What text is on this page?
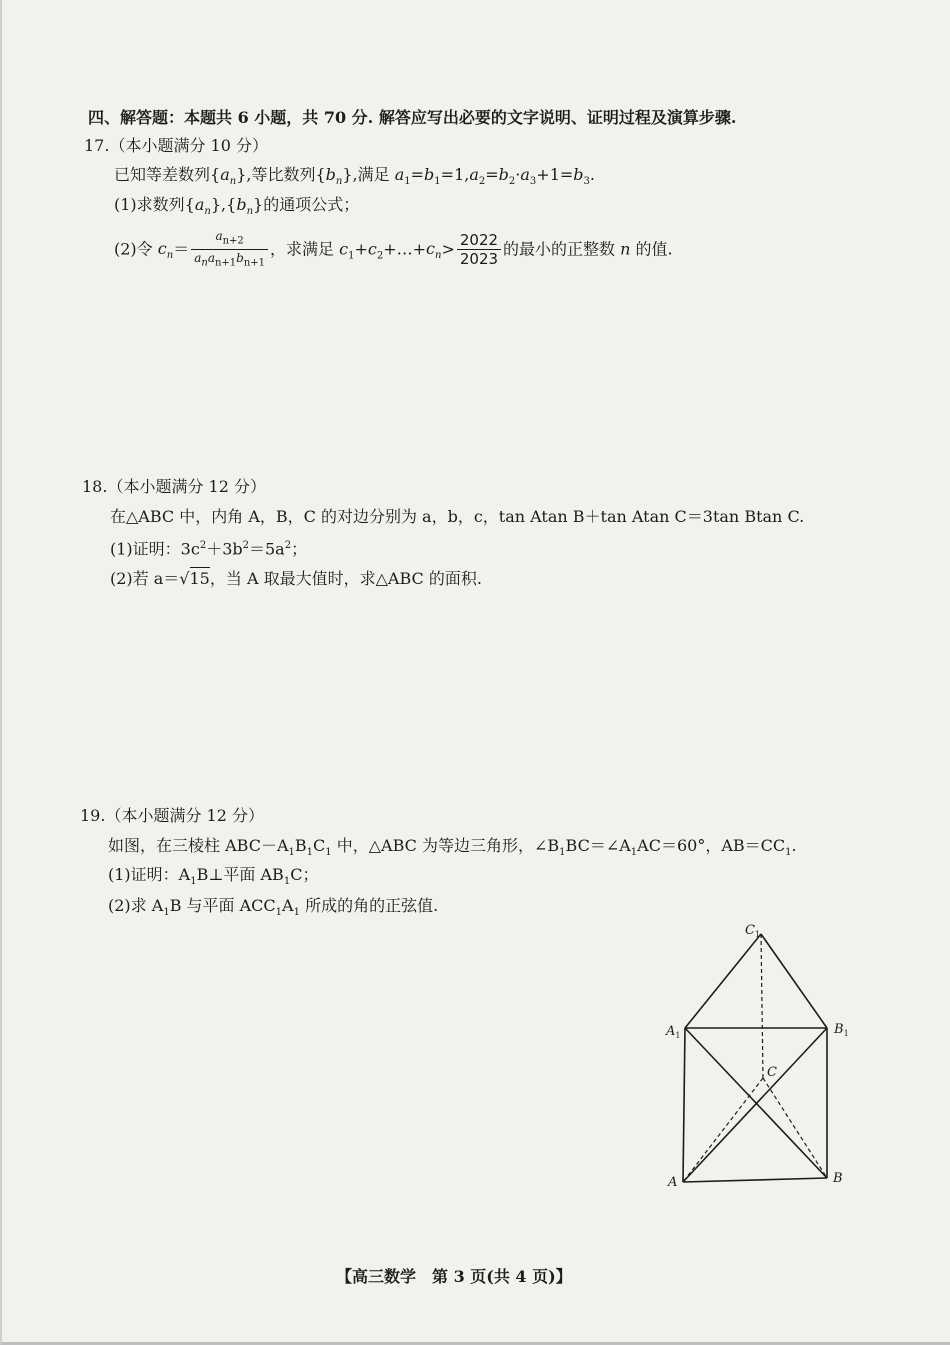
四、解答题：本题共 6 小题，共 70 分. 解答应写出必要的文字说明、证明过程及演算步骤.
17.（本小题满分 10 分）
已知等差数列$\{a_n\}$,等比数列$\{b_n\}$,满足 $a_1=b_1=1,a_2=b_2\cdot a_3+1=b_3$.
(1)求数列$\{a_n\},\{b_n\}$的通项公式；
(2)令 $c_n= \frac{a_{n+2}}{a_na_{n+1}b_{n+1}}$ ，求满足 $c_1+c_2+\dots+c_n> \frac{2022}{2023}$ 的最小的正整数 n 的值.
18.（本小题满分 12 分）
在△ABC 中，内角 A，B，C 的对边分别为 a，b，c，tan Atan B＋tan Atan C＝3tan Btan C.
(1)证明：$3c^2+3b^2=5a^2$；
(2)若 a＝√15，当 A 取最大值时，求△ABC 的面积.
19.（本小题满分 12 分）
如图，在三棱柱 $ABC-A_1B_1C_1$ 中，△ABC 为等边三角形，$\angle B_1BC=\angle A_1AC=60^\circ$，$AB=CC_1$.
(1)证明：$A_1B\perp$平面 $AB_1C$；
(2)求 $A_1B$ 与平面 $ACC_1A_1$ 所成的角的正弦值.
$C_1$
$A_1$	$B_1$
C
A	B
【高三数学　第 3 页(共 4 页)】
